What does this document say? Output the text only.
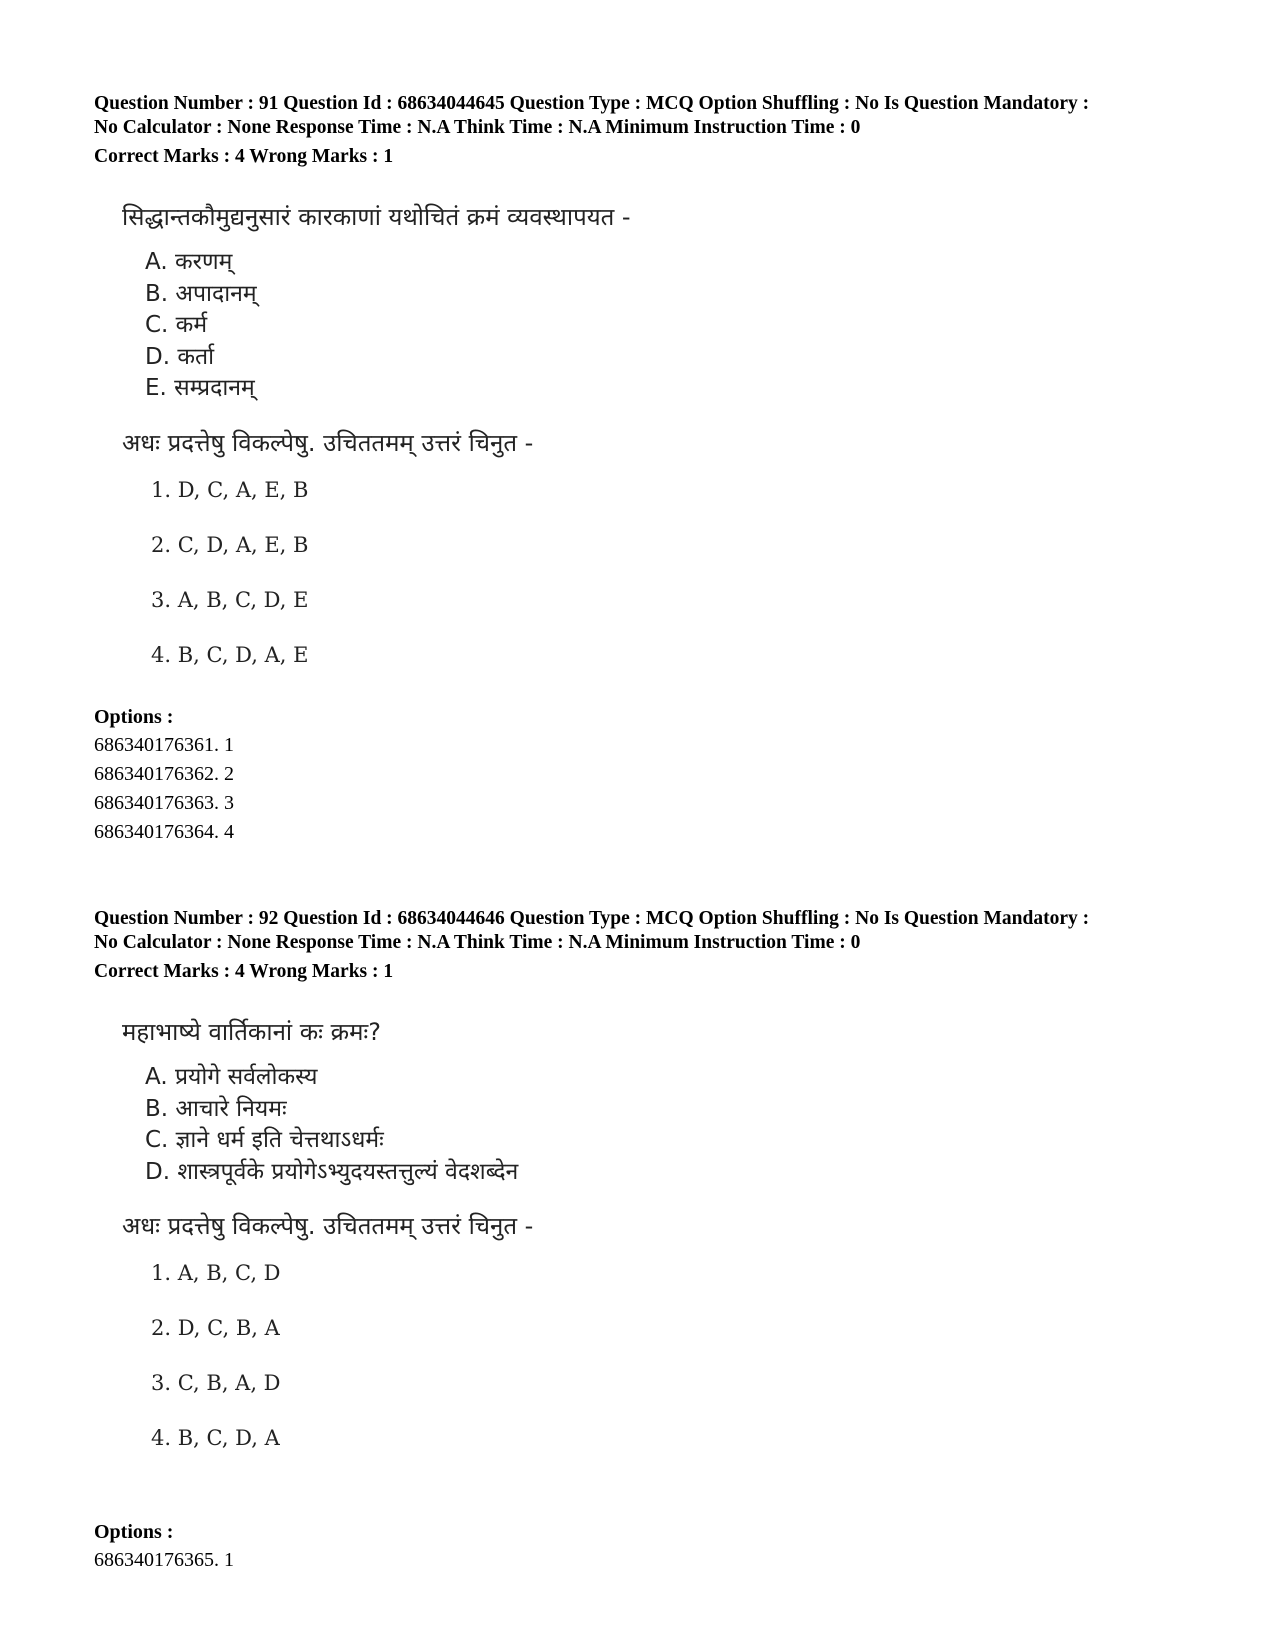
Question Number : 91 Question Id : 68634044645 Question Type : MCQ Option Shuffling : No Is Question Mandatory :

No Calculator : None Response Time : N.A Think Time : N.A Minimum Instruction Time : 0

Correct Marks : 4 Wrong Marks : 1

सिद्धान्तकौमुद्यनुसारं कारकाणां यथोचितं क्रमं व्यवस्थापयत -

A. करणम्
B. अपादानम्
C. कर्म
D. कर्ता
E. सम्प्रदानम्
अधः प्रदत्तेषु विकल्पेषु. उचिततमम् उत्तरं चिनुत -
1. D, C, A, E, B
2. C, D, A, E, B
3. A, B, C, D, E
4. B, C, D, A, E

Options :

686340176361. 1
686340176362. 2
686340176363. 3
686340176364. 4

Question Number : 92 Question Id : 68634044646 Question Type : MCQ Option Shuffling : No Is Question Mandatory :

No Calculator : None Response Time : N.A Think Time : N.A Minimum Instruction Time : 0

Correct Marks : 4 Wrong Marks : 1

महाभाष्ये वार्तिकानां कः क्रमः?

A. प्रयोगे सर्वलोकस्य
B. आचारे नियमः
C. ज्ञाने धर्म इति चेत्तथाऽधर्मः
D. शास्त्रपूर्वके प्रयोगेऽभ्युदयस्तत्तुल्यं वेदशब्देन
अधः प्रदत्तेषु विकल्पेषु. उचिततमम् उत्तरं चिनुत -
1. A, B, C, D
2. D, C, B, A
3. C, B, A, D
4. B, C, D, A

Options :

686340176365. 1
